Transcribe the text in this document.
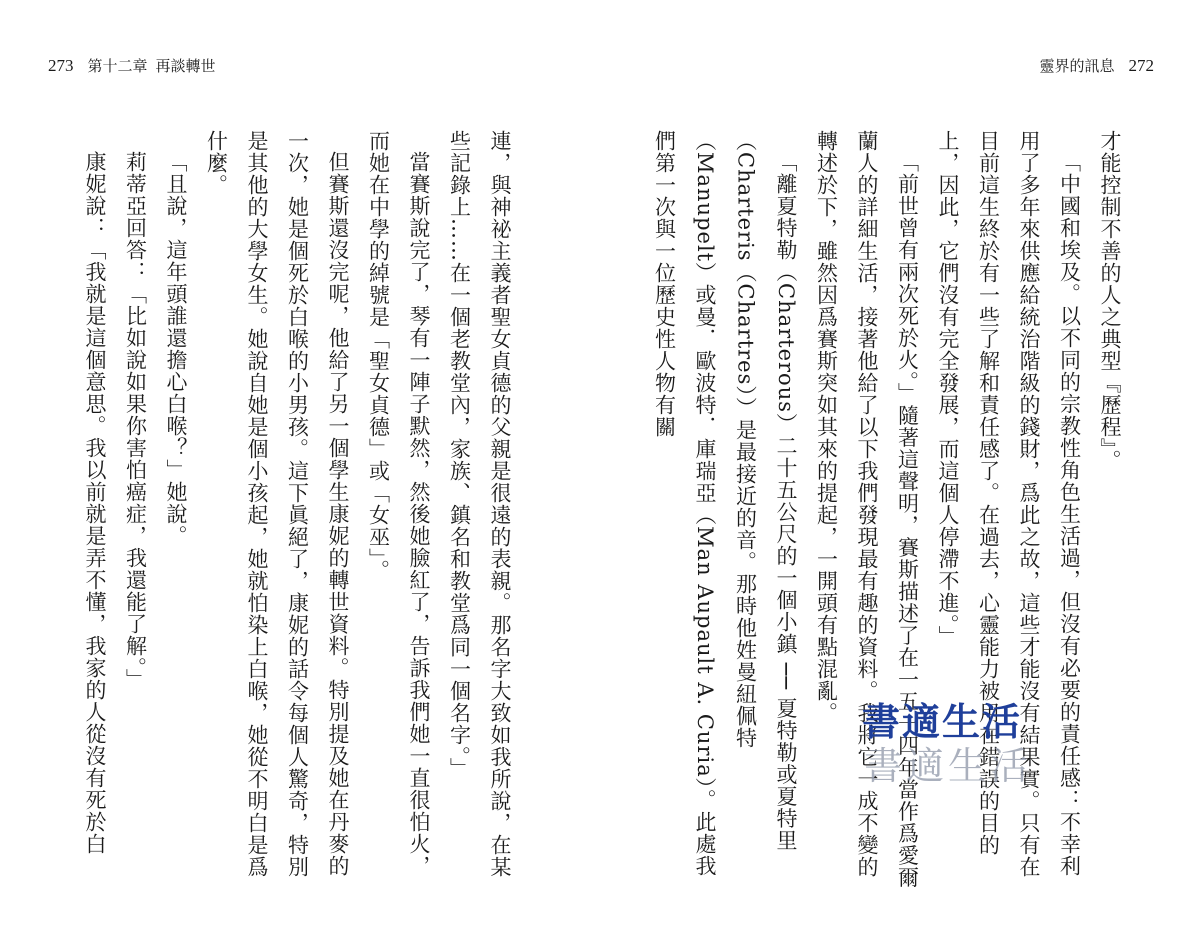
273 第十二章 再談轉世	靈界的訊息 272

才能控制不善的人之典型『歷程』。

「中國和埃及。以不同的宗教性角色生活過，但沒有必要的責任感：不幸利用了多年來供應給統治階級的錢財，爲此之故，這些才能沒有結果實。只有在目前這生終於有一些了解和責任感了。在過去，心靈能力被用在錯誤的目的上，因此，它們沒有完全發展，而這個人停滯不進。」

「前世曾有兩次死於火。」隨著這聲明，賽斯描述了在一五一四年當作爲愛爾蘭人的詳細生活，接著他給了以下我們發現最有趣的資料。我將它一成不變的轉述於下，雖然因爲賽斯突如其來的提起，一開頭有點混亂。

「離夏特勒（Charterous）二十五公尺的一個小鎮 ── 夏特勒或夏特里（Charteris（Chartres））是最接近的音。那時他姓曼紐佩特（Manupelt）或曼．歐波特．庫瑞亞（Man Aupault A. Curia）。此處我們第一次與一位歷史性人物有關

連，與神祕主義者聖女貞德的父親是很遠的表親。那名字大致如我所說，在某些記錄上……在一個老教堂內，家族、鎮名和教堂爲同一個名字。」

當賽斯說完了，琴有一陣子默然，然後她臉紅了，告訴我們她一直很怕火，而她在中學的綽號是「聖女貞德」或「女巫」。

但賽斯還沒完呢，他給了另一個學生康妮的轉世資料。特別提及她在丹麥的一次，她是個死於白喉的小男孩。這下眞絕了，康妮的話令每個人驚奇，特別是其他的大學女生。她說自她是個小孩起，她就怕染上白喉，她從不明白是爲什麼。

「且說，這年頭誰還擔心白喉？」她說。

莉蒂亞回答：「比如說如果你害怕癌症，我還能了解。」

康妮說：「我就是這個意思。我以前就是弄不懂，我家的人從沒有死於白	書適生活
書適生活
